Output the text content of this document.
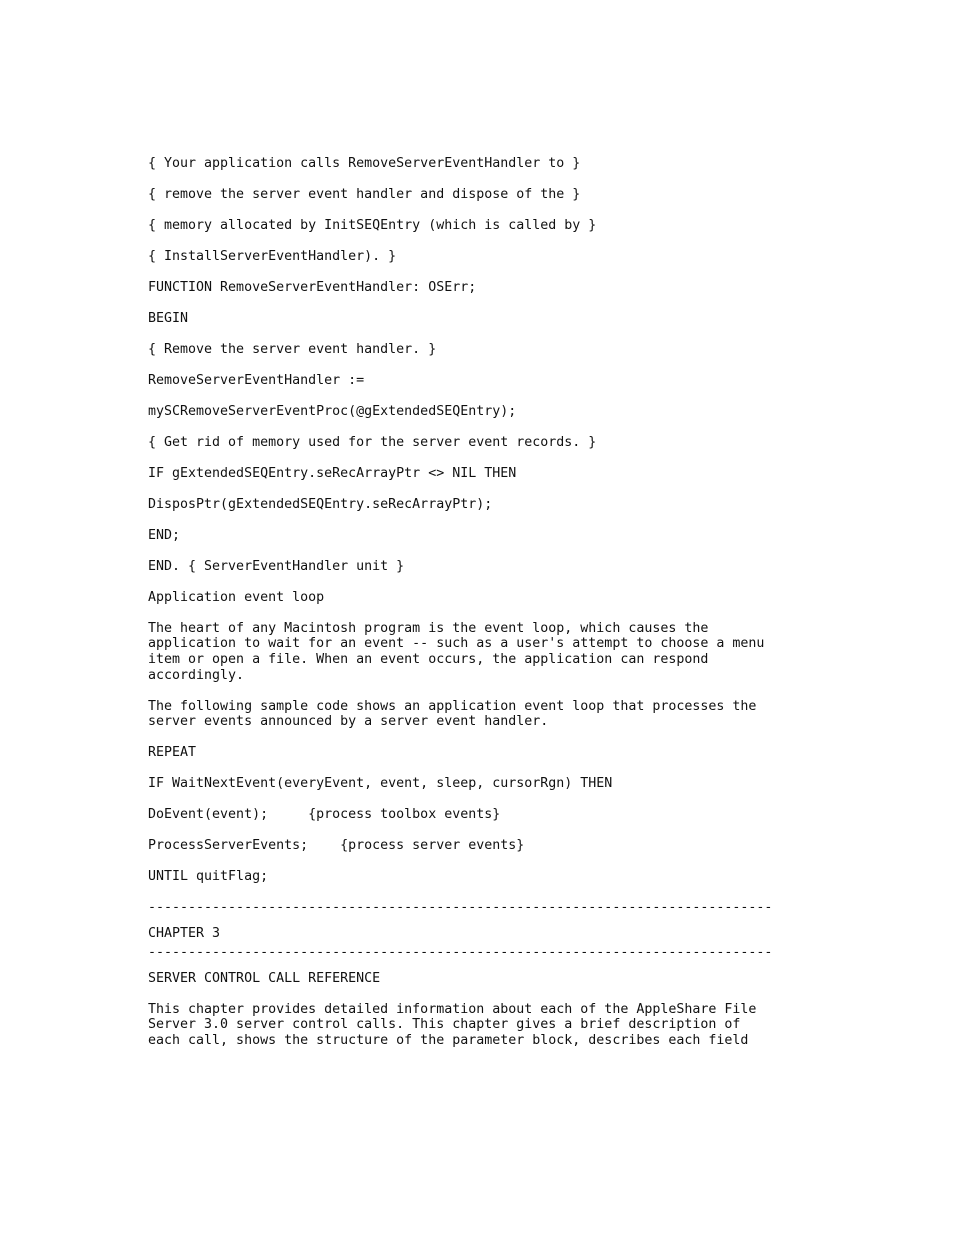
{ Your application calls RemoveServerEventHandler to }
{ remove the server event handler and dispose of the }
{ memory allocated by InitSEQEntry (which is called by }
{ InstallServerEventHandler). }
FUNCTION RemoveServerEventHandler: OSErr;
BEGIN
{ Remove the server event handler. }
RemoveServerEventHandler :=
mySCRemoveServerEventProc(@gExtendedSEQEntry);
{ Get rid of memory used for the server event records. }
IF gExtendedSEQEntry.seRecArrayPtr <> NIL THEN
DisposPtr(gExtendedSEQEntry.seRecArrayPtr);
END;
END. { ServerEventHandler unit }
Application event loop
The heart of any Macintosh program is the event loop, which causes the
application to wait for an event -- such as a user's attempt to choose a menu
item or open a file. When an event occurs, the application can respond
accordingly.
The following sample code shows an application event loop that processes the
server events announced by a server event handler.
REPEAT
IF WaitNextEvent(everyEvent, event, sleep, cursorRgn) THEN
DoEvent(event);     {process toolbox events}
ProcessServerEvents;    {process server events}
UNTIL quitFlag;
------------------------------------------------------------------------------
CHAPTER 3
------------------------------------------------------------------------------
SERVER CONTROL CALL REFERENCE
This chapter provides detailed information about each of the AppleShare File
Server 3.0 server control calls. This chapter gives a brief description of
each call, shows the structure of the parameter block, describes each field
